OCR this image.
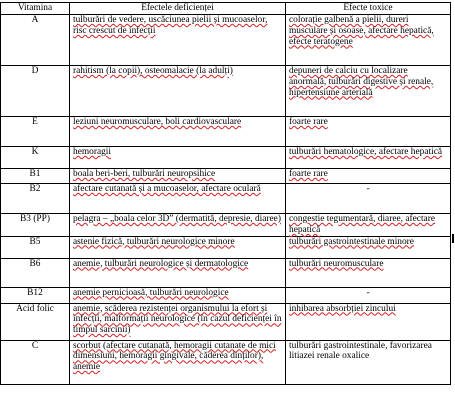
Vitamina	Efectele deficienței	Efecte toxice
A	tulburări de vedere, uscăciunea pielii și mucoaselor, risc crescut de infecții	colorație galbenă a pielii, dureri musculare și osoase, afectare hepatică, efecte teratogene
D	rahitism (la copii), osteomalacie (la adulți)	depuneri de calciu cu localizare anormală, tulburări digestive și renale, hipertensiune arterială
E	leziuni neuromusculare, boli cardiovasculare	foarte rare
K	hemoragii	tulburări hematologice, afectare hepatică
B1	boala beri-beri, tulburări neuropsihice	foarte rare
B2	afectare cutanată și a mucoaselor, afectare oculară	-
B3 (PP)	pelagra – „boala celor 3D” (dermatită, depresie, diaree)	congestie tegumentară, diaree, afectare hepatică
B5	astenie fizică, tulburări neurologice minore	tulburări gastrointestinale minore
B6	anemie, tulburări neurologice și dermatologice	tulburări neuromusculare
B12	anemie pernicioasă, tulburări neurologice	-
Acid folic	anemie, scăderea rezistenței organismului la efort și infecții, malformații neurologice (în cazul deficienței în timpul sarcinii)	inhibarea absorbției zincului
C	scorbut (afectare cutanată, hemoragii cutanate de mici dimensiuni, hemoragii gingivale, căderea dinților), anemie	tulburări gastrointestinale, favorizarea litiazei renale oxalice
